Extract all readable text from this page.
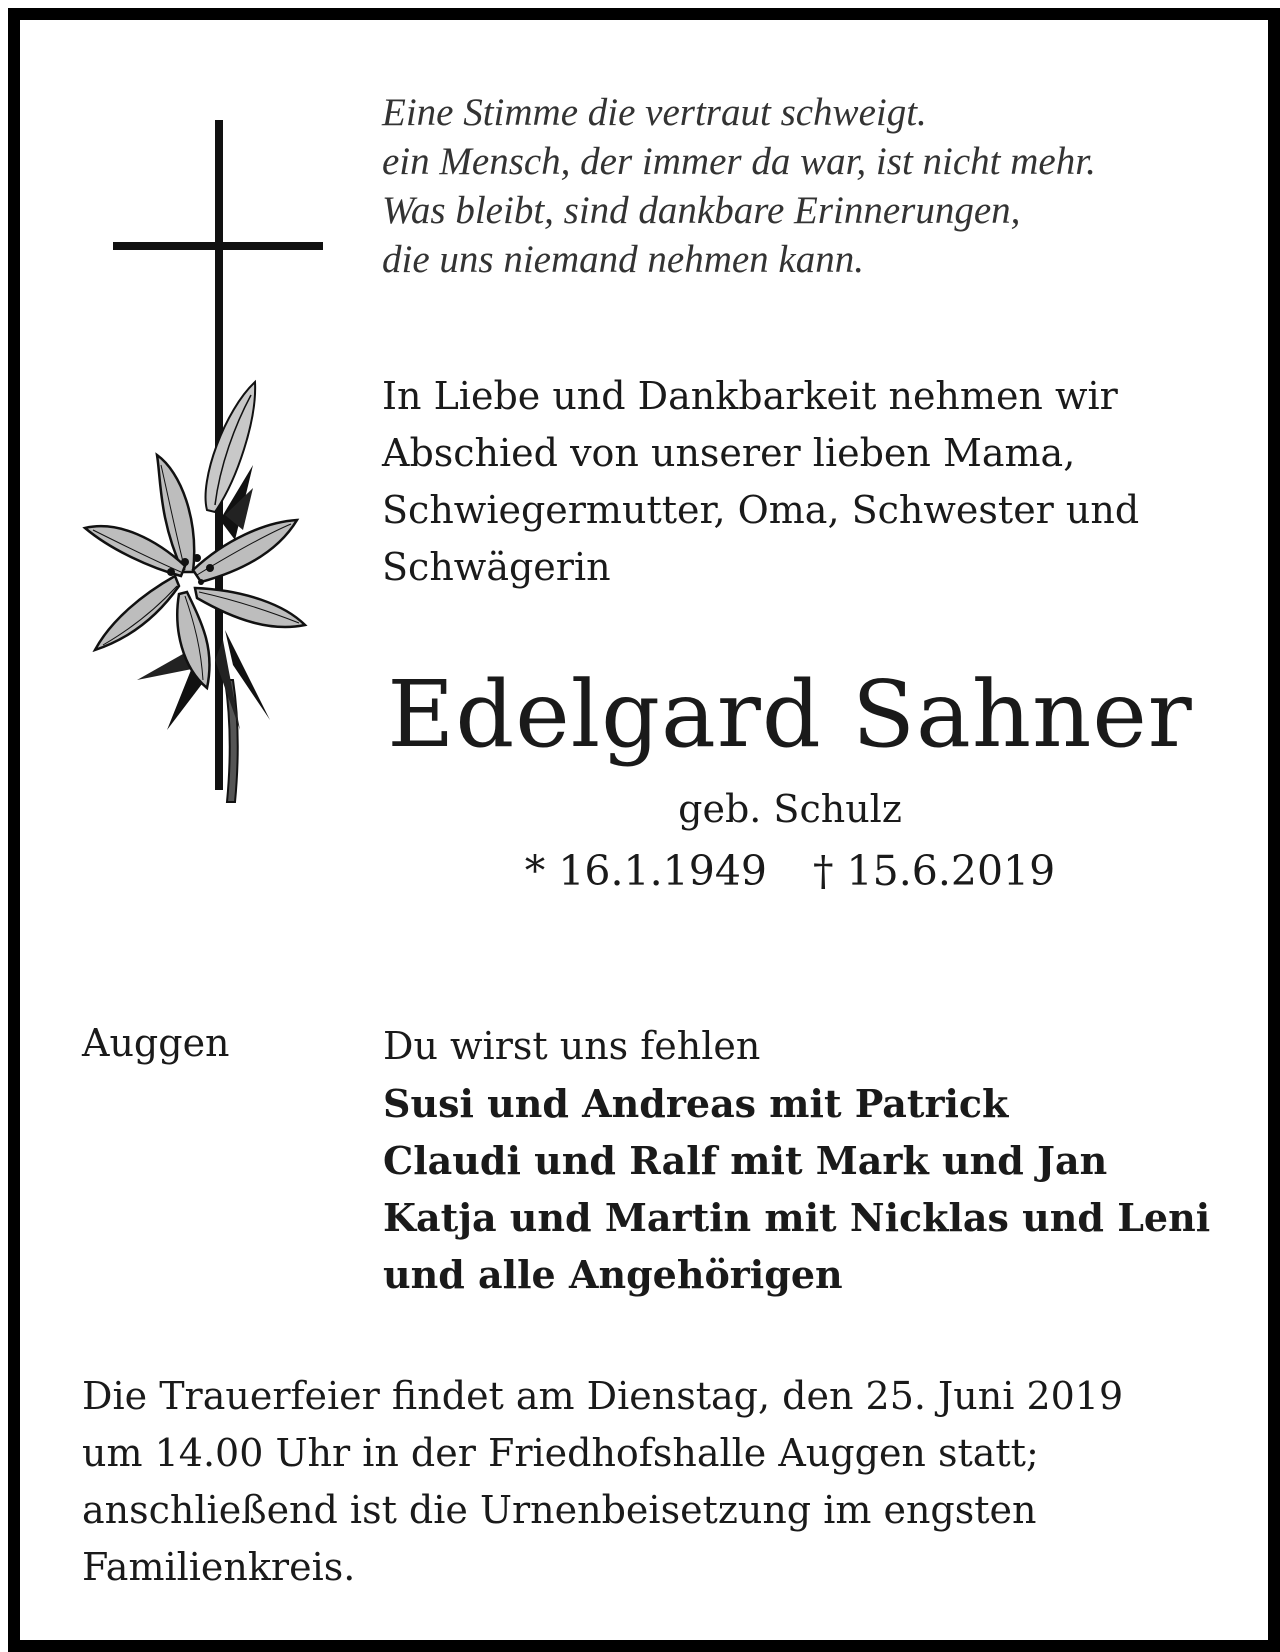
Eine Stimme die vertraut schweigt.
ein Mensch, der immer da war, ist nicht mehr.
Was bleibt, sind dankbare Erinnerungen,
die uns niemand nehmen kann.
In Liebe und Dankbarkeit nehmen wir
Abschied von unserer lieben Mama,
Schwiegermutter, Oma, Schwester und
Schwägerin
Edelgard Sahner
geb. Schulz
* 16.1.1949 † 15.6.2019
Auggen	Du wirst uns fehlen
Susi und Andreas mit Patrick
Claudi und Ralf mit Mark und Jan
Katja und Martin mit Nicklas und Leni
und alle Angehörigen
Die Trauerfeier findet am Dienstag, den 25. Juni 2019
um 14.00 Uhr in der Friedhofshalle Auggen statt;
anschließend ist die Urnenbeisetzung im engsten
Familienkreis.
